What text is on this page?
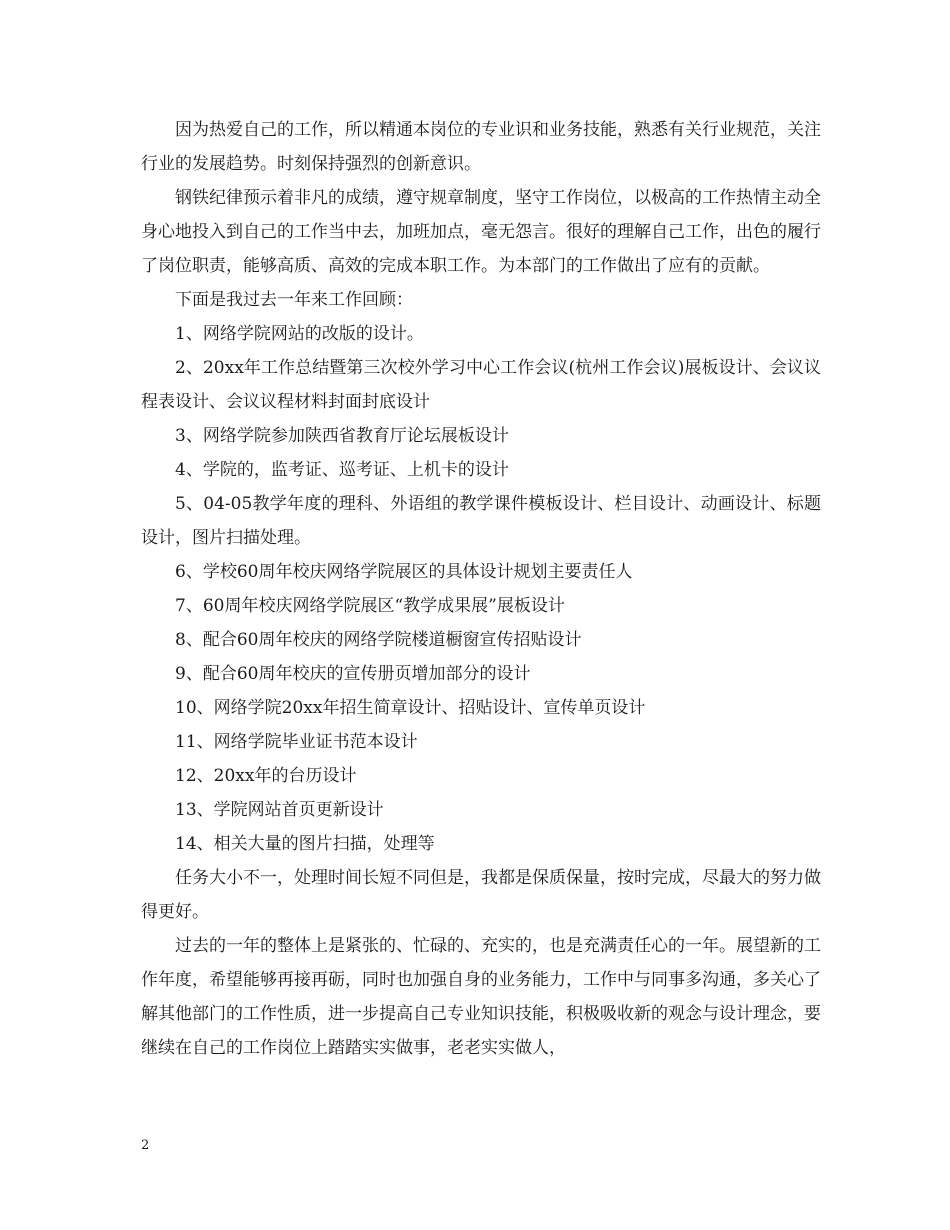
因为热爱自己的工作，所以精通本岗位的专业识和业务技能，熟悉有关行业规范，关注行业的发展趋势。时刻保持强烈的创新意识。

钢铁纪律预示着非凡的成绩，遵守规章制度，坚守工作岗位，以极高的工作热情主动全身心地投入到自己的工作当中去，加班加点，毫无怨言。很好的理解自己工作，出色的履行了岗位职责，能够高质、高效的完成本职工作。为本部门的工作做出了应有的贡献。

下面是我过去一年来工作回顾：

1、网络学院网站的改版的设计。

2、20xx年工作总结暨第三次校外学习中心工作会议(杭州工作会议)展板设计、会议议程表设计、会议议程材料封面封底设计

3、网络学院参加陕西省教育厅论坛展板设计

4、学院的，监考证、巡考证、上机卡的设计

5、04-05教学年度的理科、外语组的教学课件模板设计、栏目设计、动画设计、标题设计，图片扫描处理。

6、学校60周年校庆网络学院展区的具体设计规划主要责任人

7、60周年校庆网络学院展区“教学成果展”展板设计

8、配合60周年校庆的网络学院楼道橱窗宣传招贴设计

9、配合60周年校庆的宣传册页增加部分的设计

10、网络学院20xx年招生简章设计、招贴设计、宣传单页设计

11、网络学院毕业证书范本设计

12、20xx年的台历设计

13、学院网站首页更新设计

14、相关大量的图片扫描，处理等

任务大小不一，处理时间长短不同但是，我都是保质保量，按时完成，尽最大的努力做得更好。

过去的一年的整体上是紧张的、忙碌的、充实的，也是充满责任心的一年。展望新的工作年度，希望能够再接再砺，同时也加强自身的业务能力，工作中与同事多沟通，多关心了解其他部门的工作性质，进一步提高自己专业知识技能，积极吸收新的观念与设计理念，要继续在自己的工作岗位上踏踏实实做事，老老实实做人，

2
